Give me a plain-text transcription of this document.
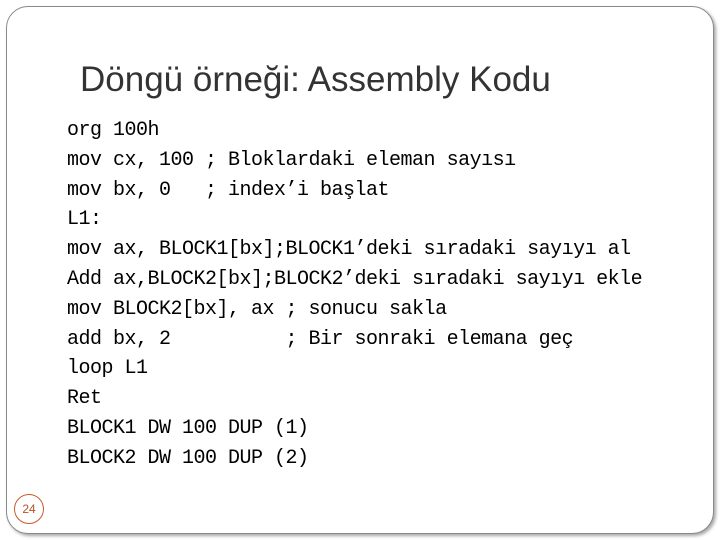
Döngü örneği: Assembly Kodu
org 100h
mov cx, 100 ; Bloklardaki eleman sayısı
mov bx, 0   ; index’i başlat
L1:
mov ax, BLOCK1[bx];BLOCK1’deki sıradaki sayıyı al
Add ax,BLOCK2[bx];BLOCK2’deki sıradaki sayıyı ekle
mov BLOCK2[bx], ax ; sonucu sakla
add bx, 2          ; Bir sonraki elemana geç
loop L1
Ret
BLOCK1 DW 100 DUP (1)
BLOCK2 DW 100 DUP (2)
24
